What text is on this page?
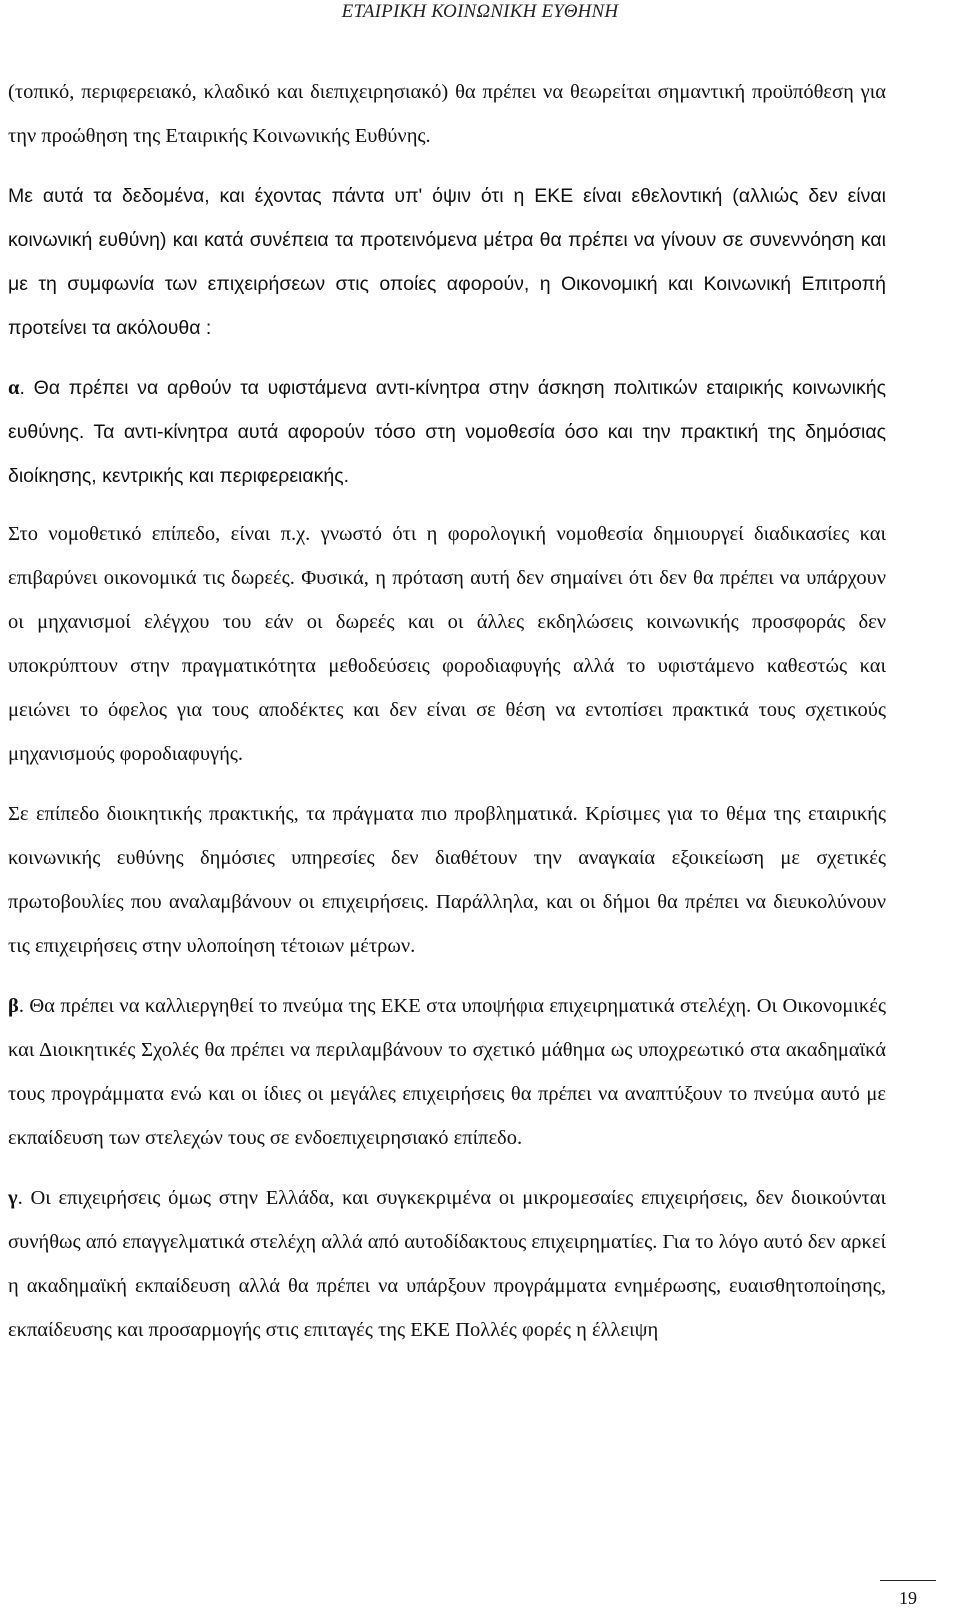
ΕΤΑΙΡΙΚΗ ΚΟΙΝΩΝΙΚΗ ΕΥΘΗΝΗ

(τοπικό, περιφερειακό, κλαδικό και διεπιχειρησιακό) θα πρέπει να θεωρείται σημαντική προϋπόθεση για την προώθηση της Εταιρικής Κοινωνικής Ευθύνης.

Με αυτά τα δεδομένα, και έχοντας πάντα υπ' όψιν ότι η ΕΚΕ είναι εθελοντική (αλλιώς δεν είναι κοινωνική ευθύνη) και κατά συνέπεια τα προτεινόμενα μέτρα θα πρέπει να γίνουν σε συνεννόηση και με τη συμφωνία των επιχειρήσεων στις οποίες αφορούν, η Οικονομική και Κοινωνική Επιτροπή προτείνει τα ακόλουθα :

α. Θα πρέπει να αρθούν τα υφιστάμενα αντι-κίνητρα στην άσκηση πολιτικών εταιρικής κοινωνικής ευθύνης. Τα αντι-κίνητρα αυτά αφορούν τόσο στη νομοθεσία όσο και την πρακτική της δημόσιας διοίκησης, κεντρικής και περιφερειακής.

Στο νομοθετικό επίπεδο, είναι π.χ. γνωστό ότι η φορολογική νομοθεσία δημιουργεί διαδικασίες και επιβαρύνει οικονομικά τις δωρεές. Φυσικά, η πρόταση αυτή δεν σημαίνει ότι δεν θα πρέπει να υπάρχουν οι μηχανισμοί ελέγχου του εάν οι δωρεές και οι άλλες εκδηλώσεις κοινωνικής προσφοράς δεν υποκρύπτουν στην πραγματικότητα μεθοδεύσεις φοροδιαφυγής αλλά το υφιστάμενο καθεστώς και μειώνει το όφελος για τους αποδέκτες και δεν είναι σε θέση να εντοπίσει πρακτικά τους σχετικούς μηχανισμούς φοροδιαφυγής.

Σε επίπεδο διοικητικής πρακτικής, τα πράγματα πιο προβληματικά. Κρίσιμες για το θέμα της εταιρικής κοινωνικής ευθύνης δημόσιες υπηρεσίες δεν διαθέτουν την αναγκαία εξοικείωση με σχετικές πρωτοβουλίες που αναλαμβάνουν οι επιχειρήσεις. Παράλληλα, και οι δήμοι θα πρέπει να διευκολύνουν τις επιχειρήσεις στην υλοποίηση τέτοιων μέτρων.

β. Θα πρέπει να καλλιεργηθεί το πνεύμα της ΕΚΕ στα υποψήφια επιχειρηματικά στελέχη. Οι Οικονομικές και Διοικητικές Σχολές θα πρέπει να περιλαμβάνουν το σχετικό μάθημα ως υποχρεωτικό στα ακαδημαϊκά τους προγράμματα ενώ και οι ίδιες οι μεγάλες επιχειρήσεις θα πρέπει να αναπτύξουν το πνεύμα αυτό με εκπαίδευση των στελεχών τους σε ενδοεπιχειρησιακό επίπεδο.

γ. Οι επιχειρήσεις όμως στην Ελλάδα, και συγκεκριμένα οι μικρομεσαίες επιχειρήσεις, δεν διοικούνται συνήθως από επαγγελματικά στελέχη αλλά από αυτοδίδακτους επιχειρηματίες. Για το λόγο αυτό δεν αρκεί η ακαδημαϊκή εκπαίδευση αλλά θα πρέπει να υπάρξουν προγράμματα ενημέρωσης, ευαισθητοποίησης, εκπαίδευσης και προσαρμογής στις επιταγές της ΕΚΕ Πολλές φορές η έλλειψη

19
